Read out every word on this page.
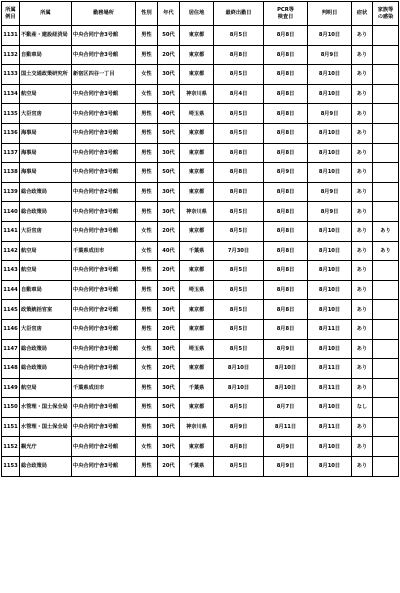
所属
例目	所属	勤務場所	性別	年代	居住地	最終出勤日	PCR等
検査日	判明日	症状	家族等
の感染
1131	不動産・建設経済局	中央合同庁舎3号館	男性	50代	東京都	8月5日	8月8日	8月10日	あり	
1132	自動車局	中央合同庁舎3号館	男性	20代	東京都	8月8日	8月8日	8月9日	あり	
1133	国土交通政策研究所	新宿区四谷一丁目	女性	30代	東京都	8月5日	8月8日	8月10日	あり	
1134	航空局	中央合同庁舎3号館	女性	30代	神奈川県	8月4日	8月8日	8月10日	あり	
1135	大臣官房	中央合同庁舎3号館	男性	40代	埼玉県	8月5日	8月8日	8月9日	あり	
1136	海事局	中央合同庁舎3号館	男性	50代	東京都	8月5日	8月8日	8月10日	あり	
1137	海事局	中央合同庁舎3号館	男性	30代	東京都	8月8日	8月8日	8月10日	あり	
1138	海事局	中央合同庁舎3号館	男性	50代	東京都	8月8日	8月9日	8月10日	あり	
1139	総合政策局	中央合同庁舎2号館	男性	30代	東京都	8月8日	8月8日	8月9日	あり	
1140	総合政策局	中央合同庁舎3号館	男性	30代	神奈川県	8月5日	8月8日	8月9日	あり	
1141	大臣官房	中央合同庁舎3号館	女性	20代	東京都	8月5日	8月8日	8月10日	あり	あり
1142	航空局	千葉県成田市	女性	40代	千葉県	7月30日	8月8日	8月10日	あり	あり
1143	航空局	中央合同庁舎3号館	男性	20代	東京都	8月5日	8月8日	8月10日	あり	
1144	自動車局	中央合同庁舎3号館	男性	30代	埼玉県	8月5日	8月8日	8月10日	あり	
1145	政策統括官室	中央合同庁舎2号館	男性	30代	東京都	8月5日	8月8日	8月10日	あり	
1146	大臣官房	中央合同庁舎3号館	男性	20代	東京都	8月5日	8月8日	8月11日	あり	
1147	総合政策局	中央合同庁舎3号館	女性	30代	埼玉県	8月5日	8月9日	8月10日	あり	
1148	総合政策局	中央合同庁舎3号館	女性	20代	東京都	8月10日	8月10日	8月11日	あり	
1149	航空局	千葉県成田市	男性	30代	千葉県	8月10日	8月10日	8月11日	あり	
1150	水管理・国土保全局	中央合同庁舎3号館	男性	50代	東京都	8月5日	8月7日	8月10日	なし	
1151	水管理・国土保全局	中央合同庁舎3号館	男性	30代	神奈川県	8月9日	8月11日	8月11日	あり	
1152	観光庁	中央合同庁舎2号館	女性	30代	東京都	8月8日	8月9日	8月10日	あり	
1153	総合政策局	中央合同庁舎3号館	男性	20代	千葉県	8月5日	8月9日	8月10日	あり	
